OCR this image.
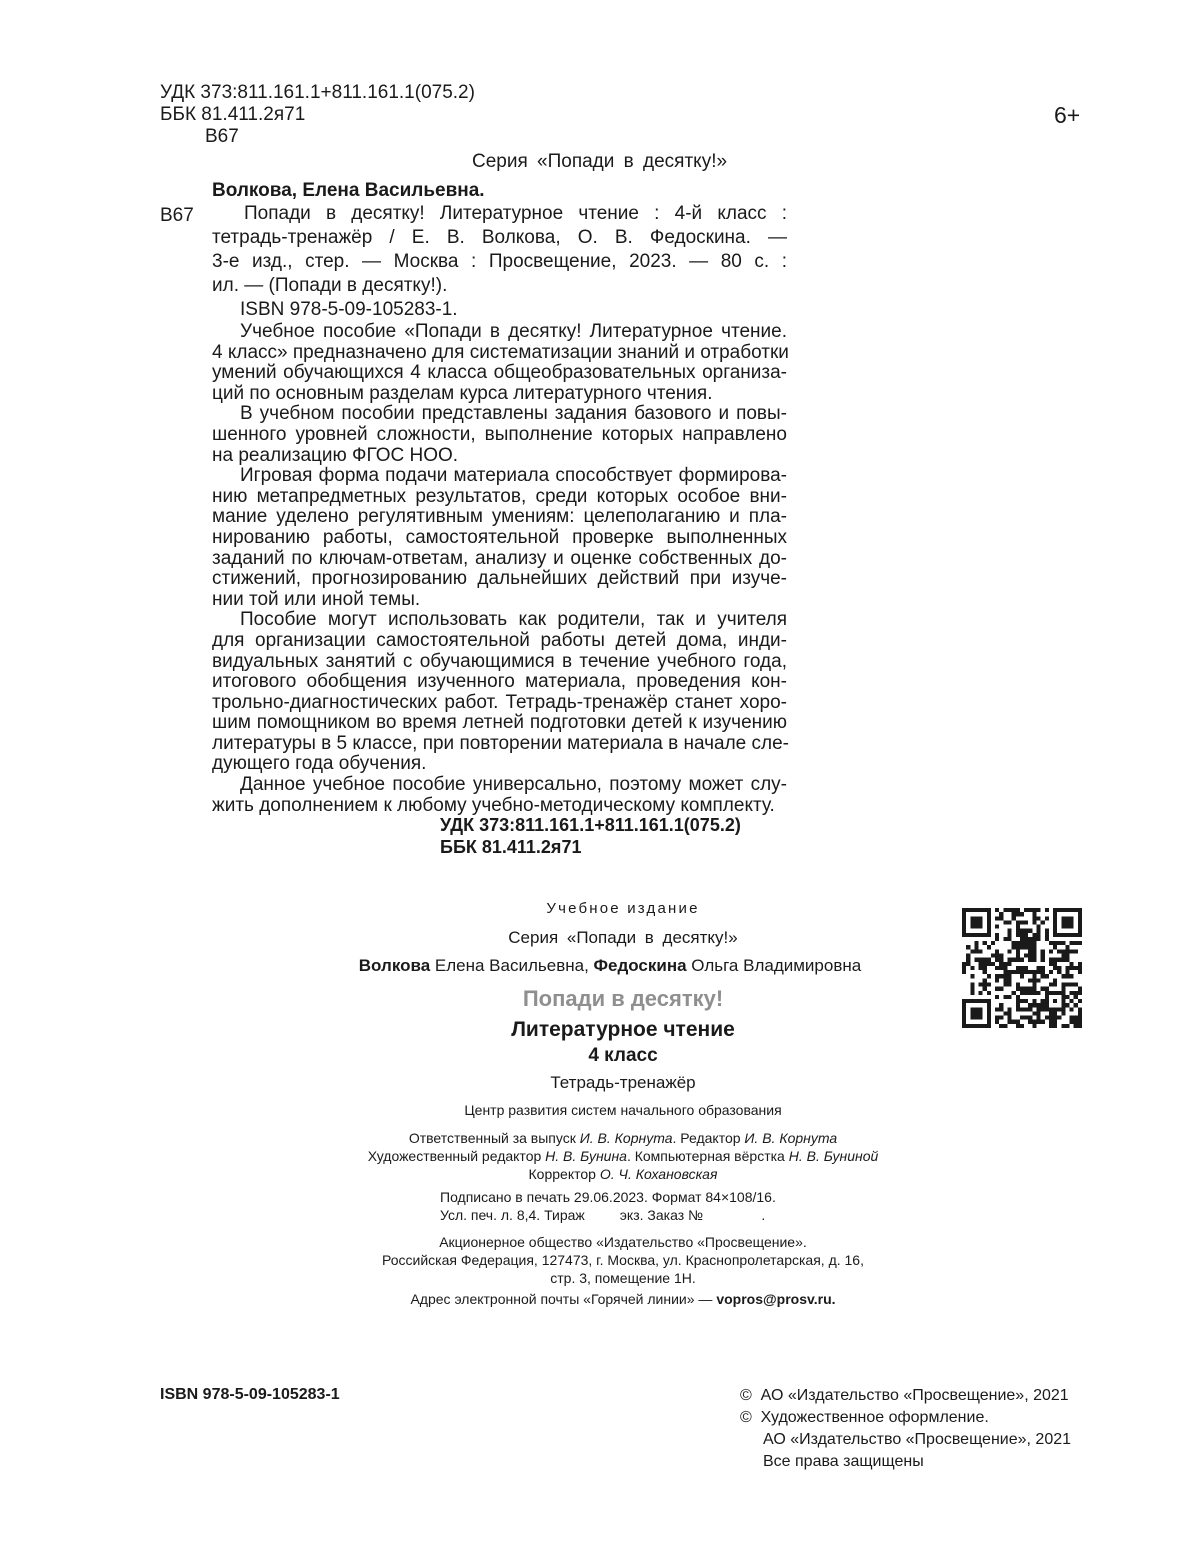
УДК 373:811.161.1+811.161.1(075.2)
ББК 81.411.2я71
В67
6+
Серия «Попади в десятку!»
Волкова, Елена Васильевна.
В67	Попади в десятку! Литературное чтение : 4-й класс :
тетрадь-тренажёр / Е. В. Волкова, О. В. Федоскина. —
3-е изд., стер. — Москва : Просвещение, 2023. — 80 с. :
ил. — (Попади в десятку!).
ISBN 978-5-09-105283-1.
Учебное пособие «Попади в десятку! Литературное чтение.
4 класс» предназначено для систематизации знаний и отработки
умений обучающихся 4 класса общеобразовательных организа-
ций по основным разделам курса литературного чтения.
В учебном пособии представлены задания базового и повы-
шенного уровней сложности, выполнение которых направлено
на реализацию ФГОС НОО.
Игровая форма подачи материала способствует формирова-
нию метапредметных результатов, среди которых особое вни-
мание уделено регулятивным умениям: целеполаганию и пла-
нированию работы, самостоятельной проверке выполненных
заданий по ключам-ответам, анализу и оценке собственных до-
стижений, прогнозированию дальнейших действий при изуче-
нии той или иной темы.
Пособие могут использовать как родители, так и учителя
для организации самостоятельной работы детей дома, инди-
видуальных занятий с обучающимися в течение учебного года,
итогового обобщения изученного материала, проведения кон-
трольно-диагностических работ. Тетрадь-тренажёр станет хоро-
шим помощником во время летней подготовки детей к изучению
литературы в 5 классе, при повторении материала в начале сле-
дующего года обучения.
Данное учебное пособие универсально, поэтому может слу-
жить дополнением к любому учебно-методическому комплекту.
УДК 373:811.161.1+811.161.1(075.2)
ББК 81.411.2я71
Учебное издание
Серия «Попади в десятку!»
Волкова Елена Васильевна, Федоскина Ольга Владимировна
Попади в десятку!
Литературное чтение
4 класс
Тетрадь-тренажёр
Центр развития систем начального образования
Ответственный за выпуск И. В. Корнута. Редактор И. В. Корнута
Художественный редактор Н. В. Бунина. Компьютерная вёрстка Н. В. Буниной
Корректор О. Ч. Кохановская
Подписано в печать 29.06.2023. Формат 84×108/16.
Усл. печ. л. 8,4. Тираж         экз. Заказ №               .
Акционерное общество «Издательство «Просвещение».
Российская Федерация, 127473, г. Москва, ул. Краснопролетарская, д. 16,
стр. 3, помещение 1Н.
Адрес электронной почты «Горячей линии» — vopros@prosv.ru.
ISBN 978-5-09-105283-1	©  АО «Издательство «Просвещение», 2021
©  Художественное оформление.
АО «Издательство «Просвещение», 2021
Все права защищены
